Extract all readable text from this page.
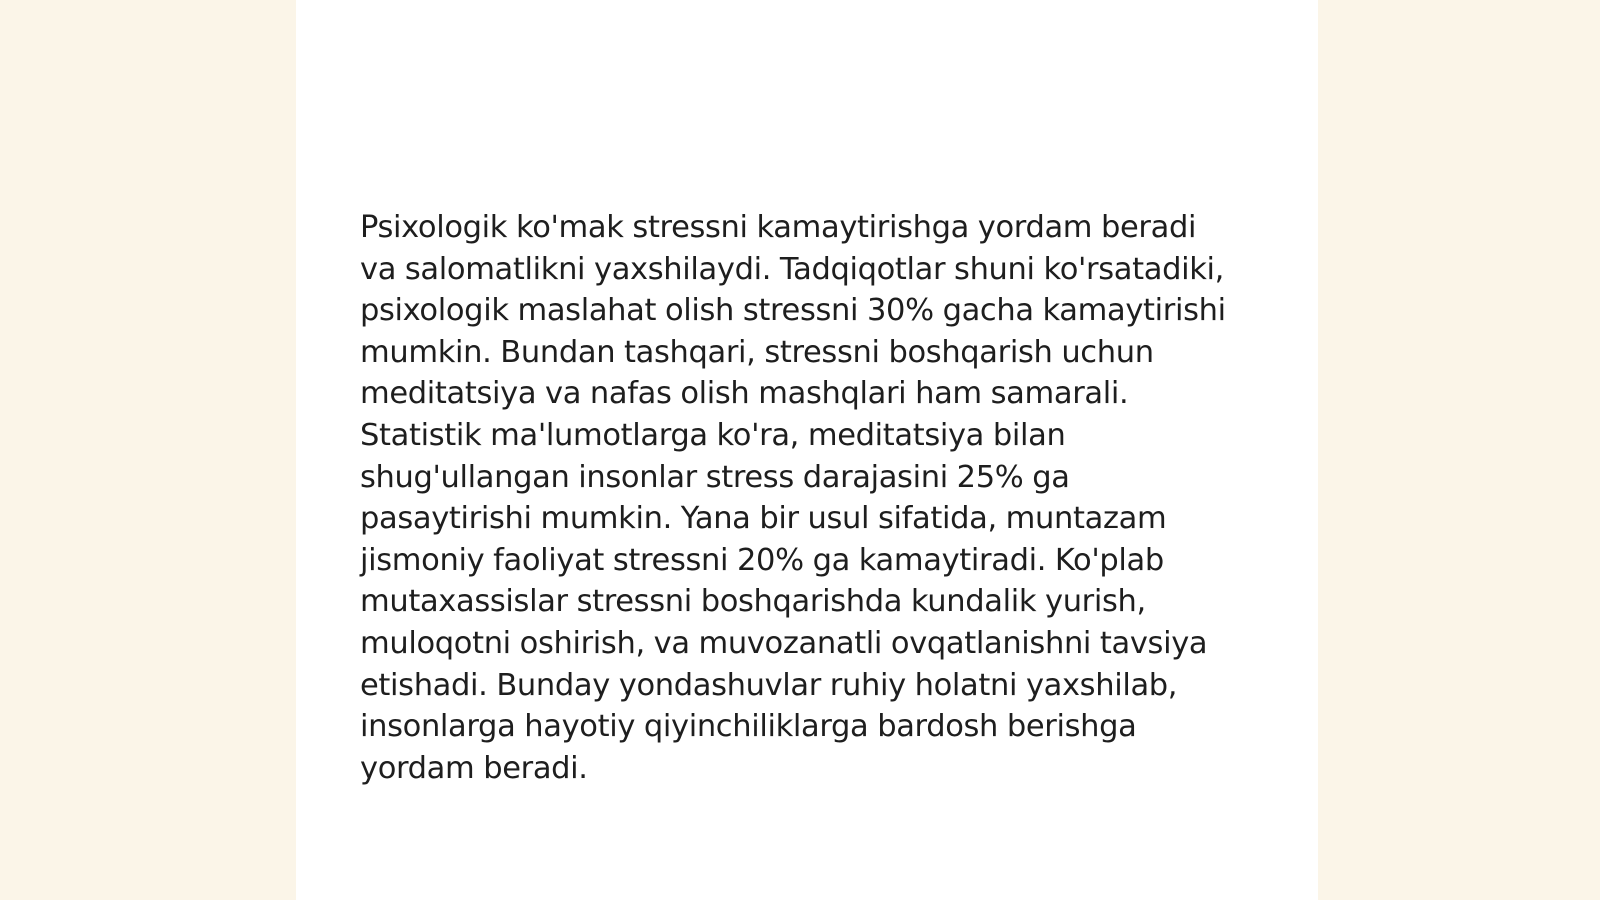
Psixologik ko'mak stressni kamaytirishga yordam beradi va salomatlikni yaxshilaydi. Tadqiqotlar shuni ko'rsatadiki, psixologik maslahat olish stressni 30% gacha kamaytirishi mumkin. Bundan tashqari, stressni boshqarish uchun meditatsiya va nafas olish mashqlari ham samarali. Statistik ma'lumotlarga ko'ra, meditatsiya bilan shug'ullangan insonlar stress darajasini 25% ga pasaytirishi mumkin. Yana bir usul sifatida, muntazam jismoniy faoliyat stressni 20% ga kamaytiradi. Ko'plab mutaxassislar stressni boshqarishda kundalik yurish, muloqotni oshirish, va muvozanatli ovqatlanishni tavsiya etishadi. Bunday yondashuvlar ruhiy holatni yaxshilab, insonlarga hayotiy qiyinchiliklarga bardosh berishga yordam beradi.
